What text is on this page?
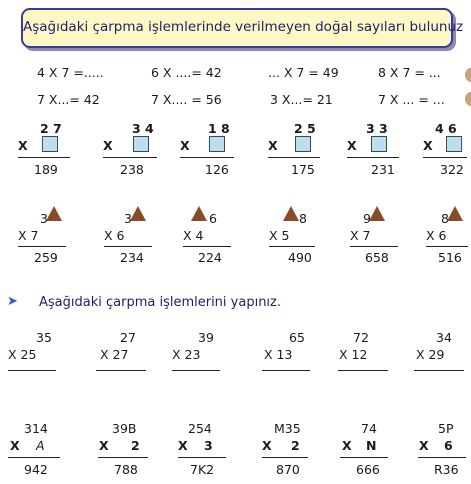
Aşağıdaki çarpma işlemlerinde verilmeyen doğal sayıları bulunuz
4 X 7 =.....	6 X ....= 42	... X 7 = 49	8 X 7 = ...
7 X...= 42	7 X.... = 56	3 X...= 21	7 X ... = ...
2 7
X
189
3 4
X
238
1 8
X
126
2 5
X
175
3 3
X
231
4 6
X
322
3
X 7
259
3
X 6
234
6
X 4
224
8
X 5
490
9
X 7
658
8
X 6
516
➤ Aşağıdaki çarpma işlemlerini yapınız.
35
X 25
27
X 27
39
X 23
65
X 13
72
X 12
34
X 29
314
X A
942
39B
X 2
788
254
X 3
7K2
M35
X 2
870
74
X N
666
5P
X 6
R36
